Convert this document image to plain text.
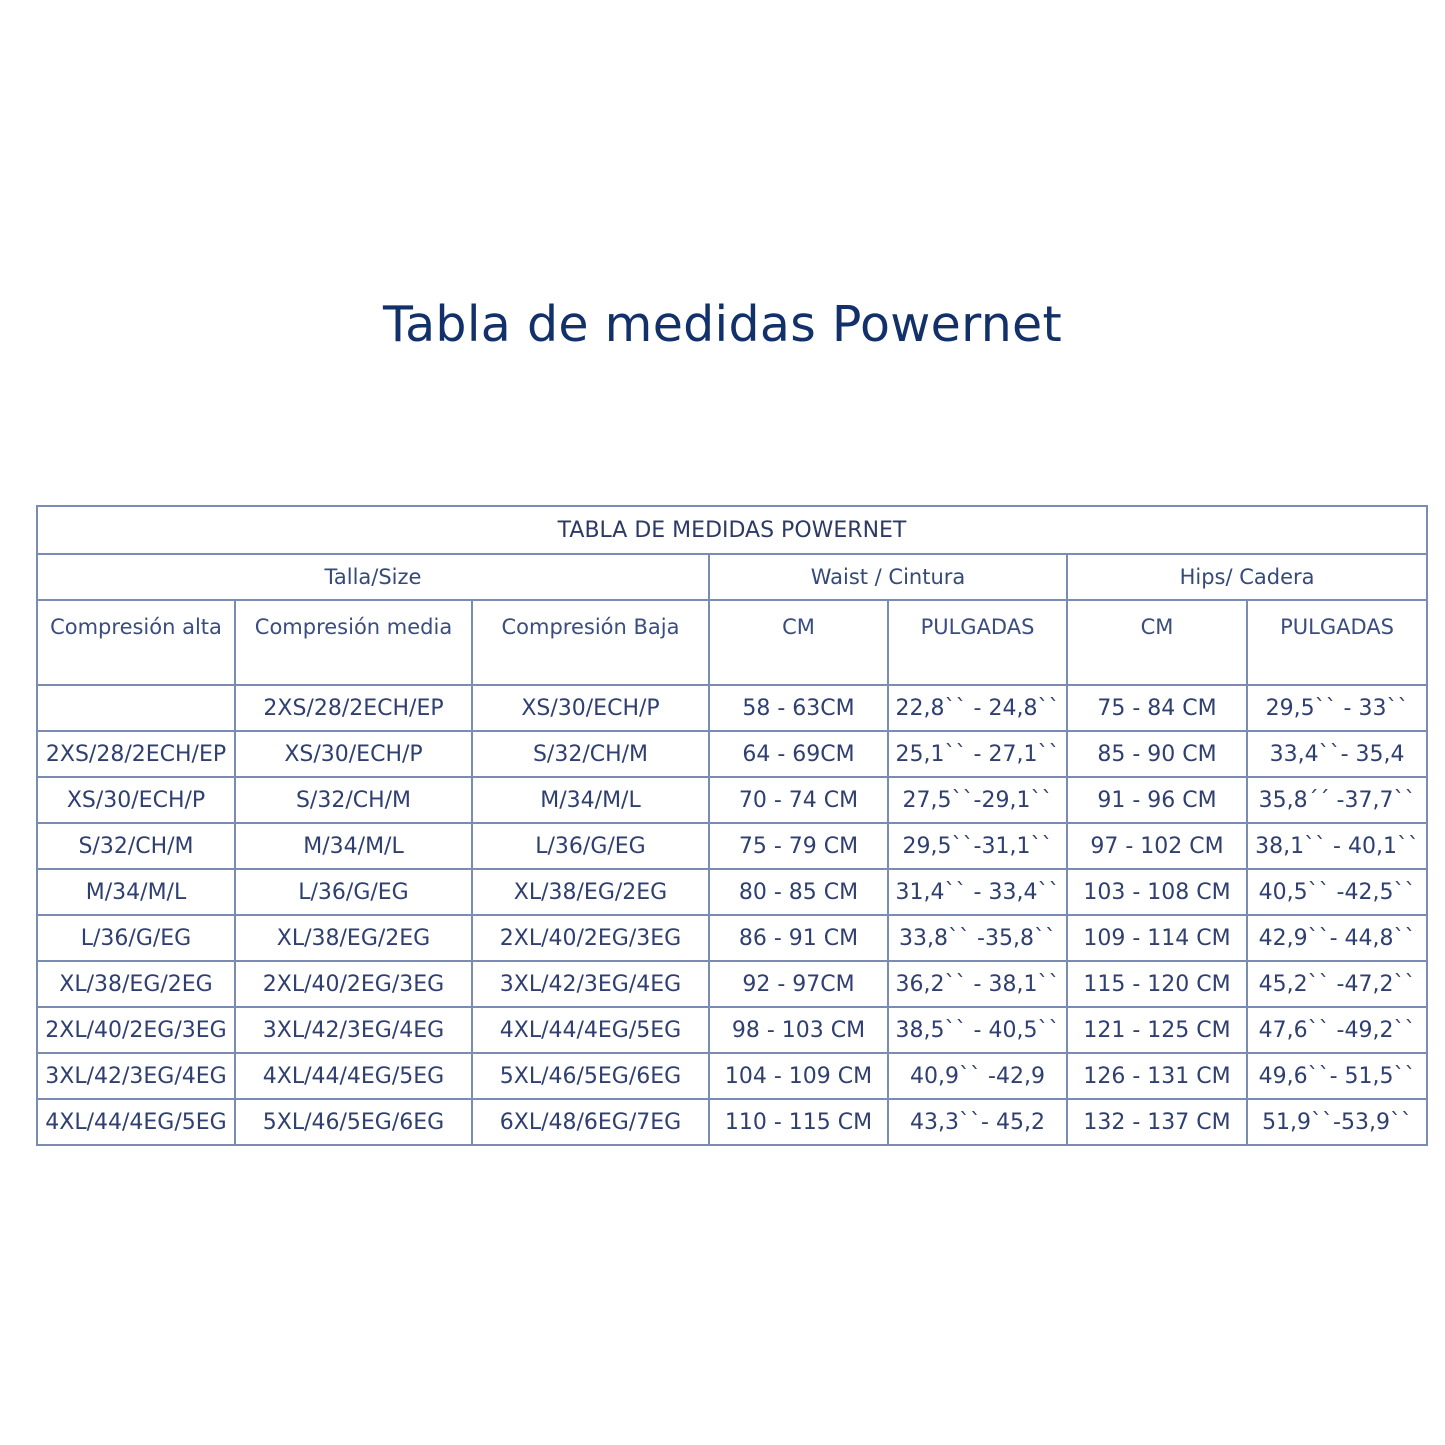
Tabla de medidas Powernet
TABLA DE MEDIDAS POWERNET						
Talla/Size			Waist / Cintura		Hips/ Cadera	
Compresión alta	Compresión media	Compresión Baja	CM	PULGADAS	CM	PULGADAS
	2XS/28/2ECH/EP	XS/30/ECH/P	58 - 63CM	22,8`` - 24,8``	75 - 84 CM	29,5`` - 33``
2XS/28/2ECH/EP	XS/30/ECH/P	S/32/CH/M	64 - 69CM	25,1`` - 27,1``	85 - 90 CM	33,4``- 35,4
XS/30/ECH/P	S/32/CH/M	M/34/M/L	70 - 74 CM	27,5``-29,1``	91 - 96 CM	35,8´´ -37,7``
S/32/CH/M	M/34/M/L	L/36/G/EG	75 - 79 CM	29,5``-31,1``	97 - 102 CM	38,1`` - 40,1``
M/34/M/L	L/36/G/EG	XL/38/EG/2EG	80 - 85 CM	31,4`` - 33,4``	103 - 108 CM	40,5`` -42,5``
L/36/G/EG	XL/38/EG/2EG	2XL/40/2EG/3EG	86 - 91 CM	33,8`` -35,8``	109 - 114 CM	42,9``- 44,8``
XL/38/EG/2EG	2XL/40/2EG/3EG	3XL/42/3EG/4EG	92 - 97CM	36,2`` - 38,1``	115 - 120 CM	45,2`` -47,2``
2XL/40/2EG/3EG	3XL/42/3EG/4EG	4XL/44/4EG/5EG	98 - 103 CM	38,5`` - 40,5``	121 - 125 CM	47,6`` -49,2``
3XL/42/3EG/4EG	4XL/44/4EG/5EG	5XL/46/5EG/6EG	104 - 109 CM	40,9`` -42,9	126 - 131 CM	49,6``- 51,5``
4XL/44/4EG/5EG	5XL/46/5EG/6EG	6XL/48/6EG/7EG	110 - 115 CM	43,3``- 45,2	132 - 137 CM	51,9``-53,9``
